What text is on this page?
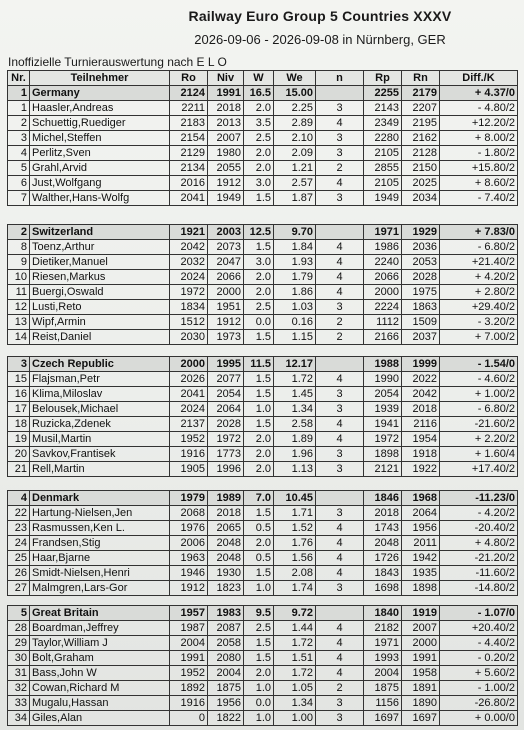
Railway Euro Group 5 Countries XXXV
2026-09-06 - 2026-09-08 in Nürnberg, GER
Inoffizielle Turnierauswertung nach E L O
Nr.	Teilnehmer	Ro	Niv	W	We	n	Rp	Rn	Diff./K
1	Germany	2124	1991	16.5	15.00		2255	2179	+ 4.37/0
1	Haasler,Andreas	2211	2018	2.0	2.25	3	2143	2207	- 4.80/2
2	Schuettig,Ruediger	2183	2013	3.5	2.89	4	2349	2195	+12.20/2
3	Michel,Steffen	2154	2007	2.5	2.10	3	2280	2162	+ 8.00/2
4	Perlitz,Sven	2129	1980	2.0	2.09	3	2105	2128	- 1.80/2
5	Grahl,Arvid	2134	2055	2.0	1.21	2	2855	2150	+15.80/2
6	Just,Wolfgang	2016	1912	3.0	2.57	4	2105	2025	+ 8.60/2
7	Walther,Hans-Wolfg	2041	1949	1.5	1.87	3	1949	2034	- 7.40/2
2	Switzerland	1921	2003	12.5	9.70		1971	1929	+ 7.83/0
8	Toenz,Arthur	2042	2073	1.5	1.84	4	1986	2036	- 6.80/2
9	Dietiker,Manuel	2032	2047	3.0	1.93	4	2240	2053	+21.40/2
10	Riesen,Markus	2024	2066	2.0	1.79	4	2066	2028	+ 4.20/2
11	Buergi,Oswald	1972	2000	2.0	1.86	4	2000	1975	+ 2.80/2
12	Lusti,Reto	1834	1951	2.5	1.03	3	2224	1863	+29.40/2
13	Wipf,Armin	1512	1912	0.0	0.16	2	1112	1509	- 3.20/2
14	Reist,Daniel	2030	1973	1.5	1.15	2	2166	2037	+ 7.00/2
3	Czech Republic	2000	1995	11.5	12.17		1988	1999	- 1.54/0
15	Flajsman,Petr	2026	2077	1.5	1.72	4	1990	2022	- 4.60/2
16	Klima,Miloslav	2041	2054	1.5	1.45	3	2054	2042	+ 1.00/2
17	Belousek,Michael	2024	2064	1.0	1.34	3	1939	2018	- 6.80/2
18	Ruzicka,Zdenek	2137	2028	1.5	2.58	4	1941	2116	-21.60/2
19	Musil,Martin	1952	1972	2.0	1.89	4	1972	1954	+ 2.20/2
20	Savkov,Frantisek	1916	1773	2.0	1.96	3	1898	1918	+ 1.60/4
21	Rell,Martin	1905	1996	2.0	1.13	3	2121	1922	+17.40/2
4	Denmark	1979	1989	7.0	10.45		1846	1968	-11.23/0
22	Hartung-Nielsen,Jen	2068	2018	1.5	1.71	3	2018	2064	- 4.20/2
23	Rasmussen,Ken L.	1976	2065	0.5	1.52	4	1743	1956	-20.40/2
24	Frandsen,Stig	2006	2048	2.0	1.76	4	2048	2011	+ 4.80/2
25	Haar,Bjarne	1963	2048	0.5	1.56	4	1726	1942	-21.20/2
26	Smidt-Nielsen,Henri	1946	1930	1.5	2.08	4	1843	1935	-11.60/2
27	Malmgren,Lars-Gor	1912	1823	1.0	1.74	3	1698	1898	-14.80/2
5	Great Britain	1957	1983	9.5	9.72		1840	1919	- 1.07/0
28	Boardman,Jeffrey	1987	2087	2.5	1.44	4	2182	2007	+20.40/2
29	Taylor,William J	2004	2058	1.5	1.72	4	1971	2000	- 4.40/2
30	Bolt,Graham	1991	2080	1.5	1.51	4	1993	1991	- 0.20/2
31	Bass,John W	1952	2004	2.0	1.72	4	2004	1958	+ 5.60/2
32	Cowan,Richard M	1892	1875	1.0	1.05	2	1875	1891	- 1.00/2
33	Mugalu,Hassan	1916	1956	0.0	1.34	3	1156	1890	-26.80/2
34	Giles,Alan	0	1822	1.0	1.00	3	1697	1697	+ 0.00/0
